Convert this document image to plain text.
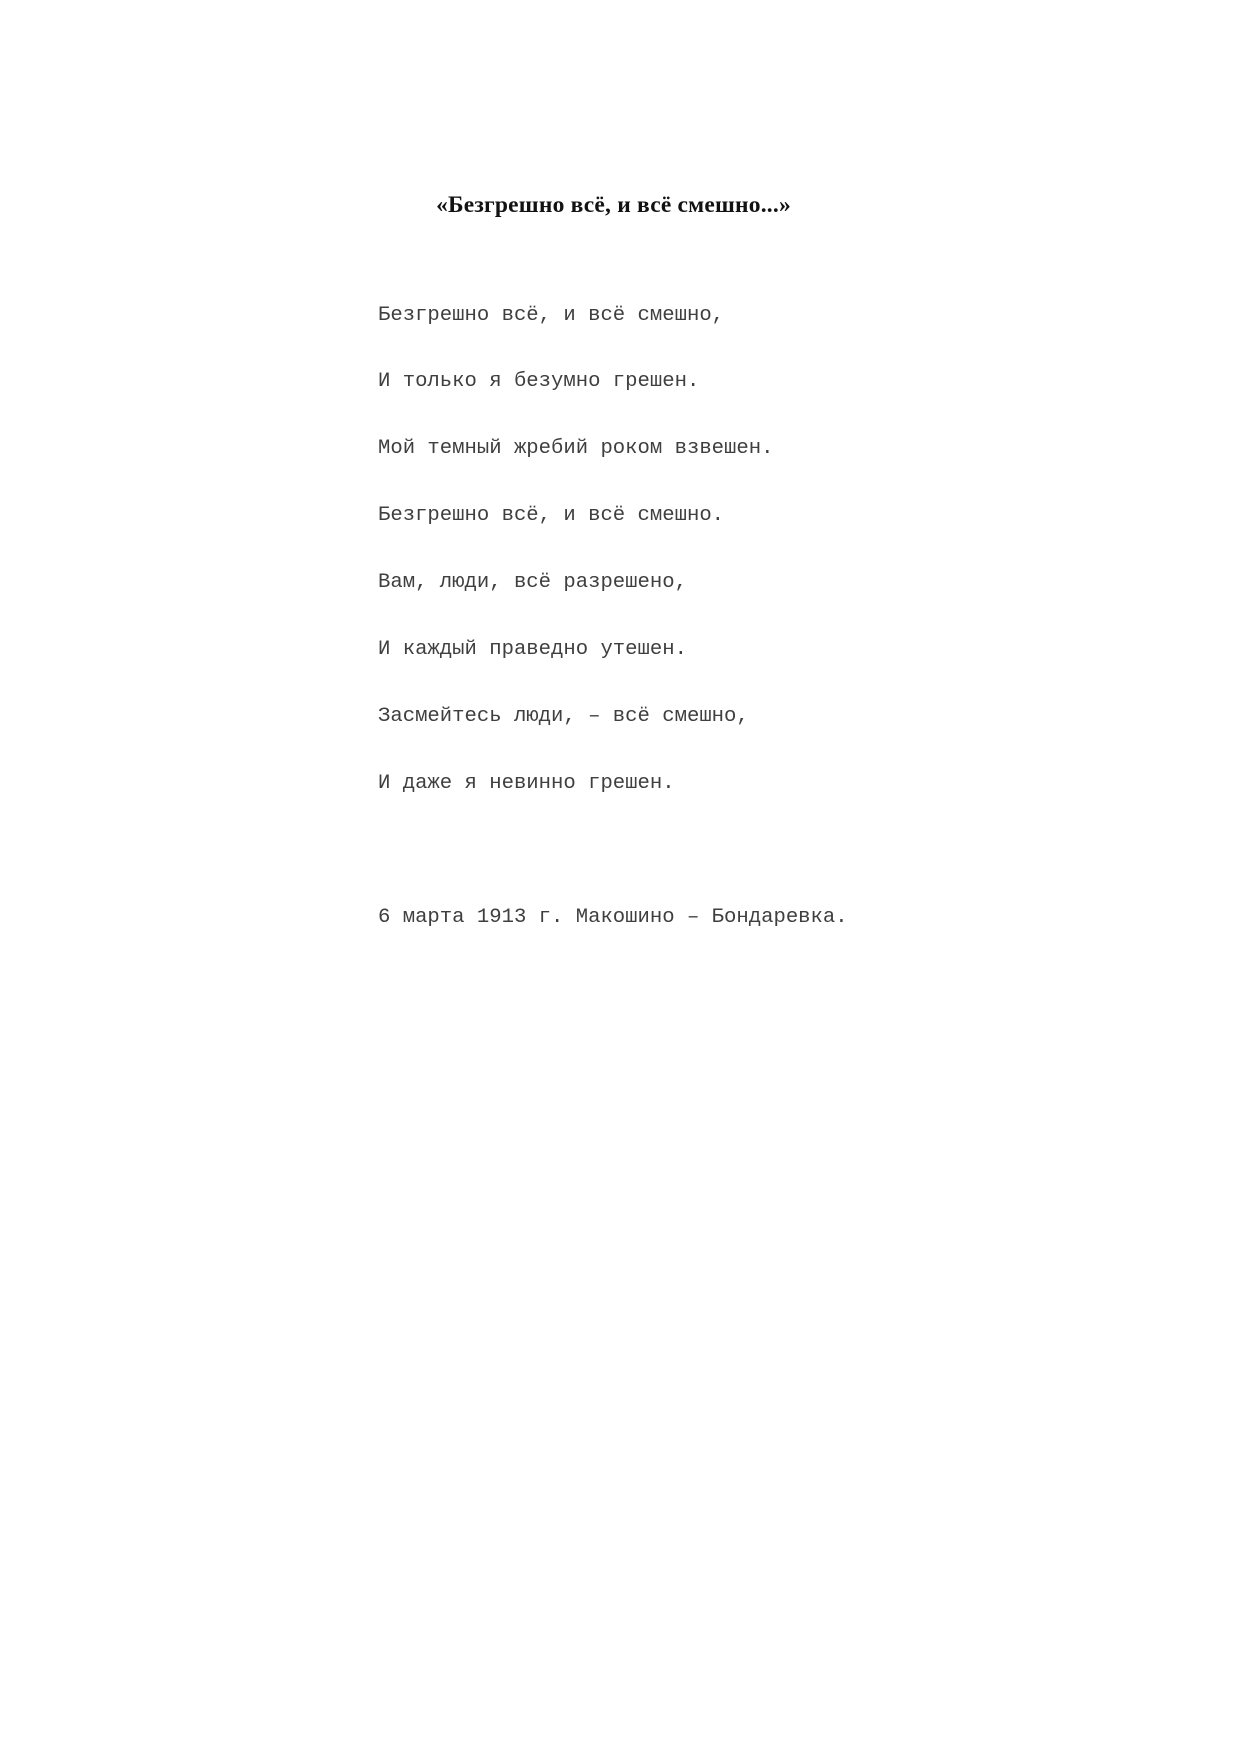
«Безгрешно всё, и всё смешно...»

Безгрешно всё, и всё смешно,

И только я безумно грешен.

Мой темный жребий роком взвешен.

Безгрешно всё, и всё смешно.

Вам, люди, всё разрешено,

И каждый праведно утешен.

Засмейтесь люди, – всё смешно,

И даже я невинно грешен.

6 марта 1913 г. Макошино – Бондаревка.
